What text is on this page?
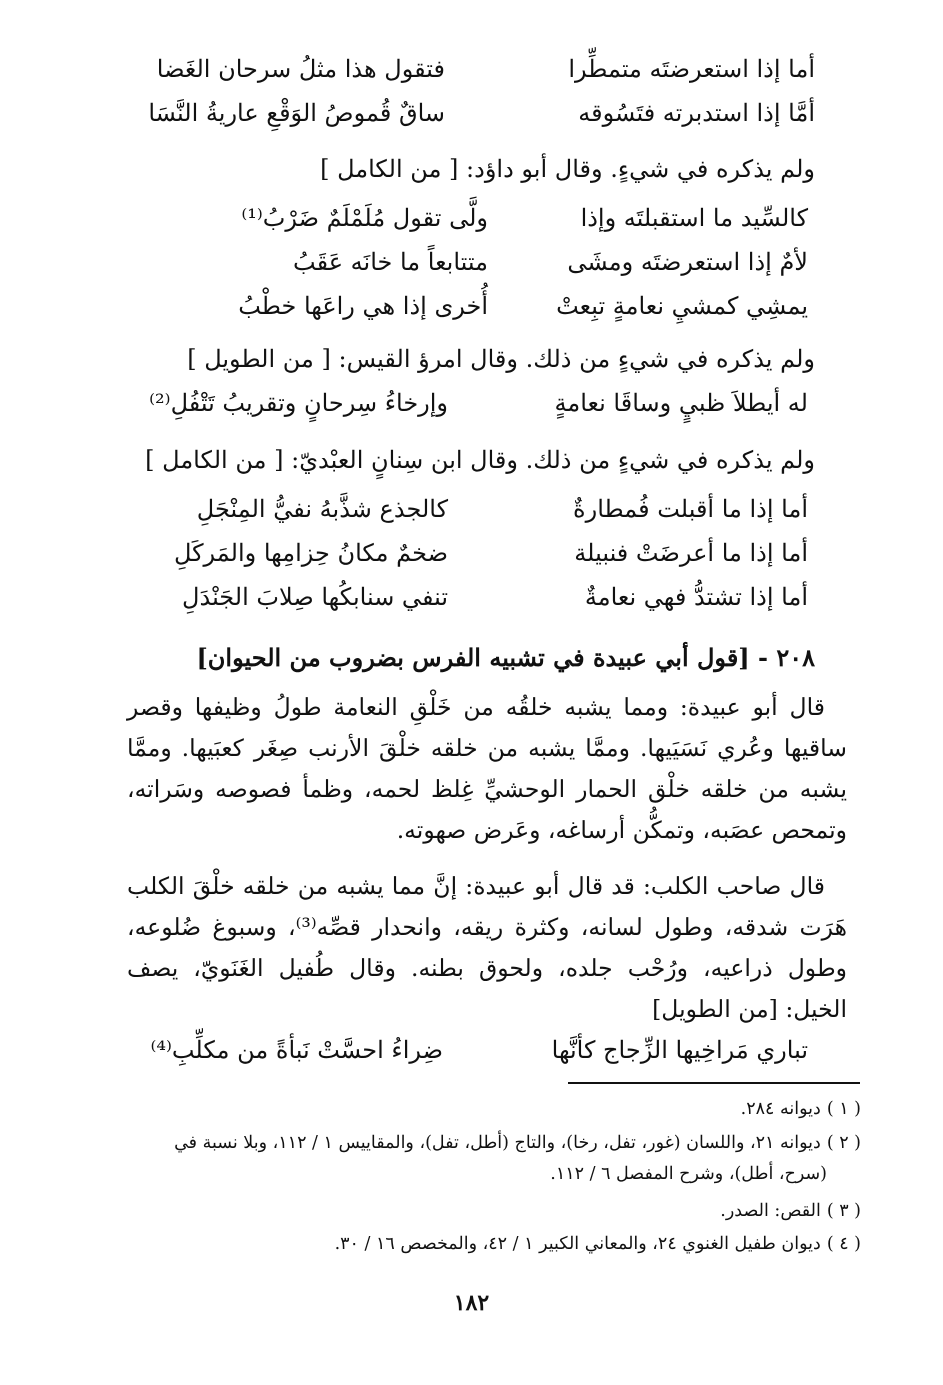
أما إذا استعرضتَه متمطِّرا
فتقول هذا مثلُ سرحان الغَضا
أمَّا إذا استدبرته فتَسُوقه
ساقٌ قُموصُ الوَقْعِ عاريةُ النَّسَا
ولم يذكره في شيءٍ. وقال أبو داؤد: [ من الكامل ]
كالسِّيد ما استقبلتَه وإذا
ولَّى تقول مُلَمْلَمٌ ضَرْبُ⁽¹⁾
لأمٌ إذا استعرضتَه ومشَى
متتابعاً ما خانَه عَقَبُ
يمشِي كمشيِ نعامةٍ تبِعتْ
أُخرى إذا هي راعَها خطْبُ
ولم يذكره في شيءٍ من ذلك. وقال امرؤ القيس: [ من الطويل ]
له أيطلاَ ظبيٍ وساقَا نعامةٍ
وإرخاءُ سِرحانٍ وتقريبُ تَتْفُلِ⁽²⁾
ولم يذكره في شيءٍ من ذلك. وقال ابن سِنانٍ العبْديّ: [ من الكامل ]
أما إذا ما أقبلت فُمطارةٌ
كالجذع شذَّبهُ نفيُّ المِنْجَلِ
أما إذا ما أعرضَتْ فنبيلة
ضخمٌ مكانُ حِزامِها والمَركَلِ
أما إذا تشتدُّ فهي نعامةٌ
تنفي سنابكُها صِلابَ الجَنْدَلِ
٢٠٨ - [قول أبي عبيدة في تشبيه الفرس بضروب من الحيوان]
قال أبو عبيدة: ومما يشبه خلقُه من خَلْقِ النعامة طولُ وظيفها وقصر ساقيها وعُري نَسَيَيها. وممَّا يشبه من خلقه خلْقَ الأرنب صِغَر كعبَيها. وممَّا يشبه من خلقه خلْق الحمار الوحشيِّ غِلظ لحمه، وظمأ فصوصه وسَراته، وتمحص عصَبه، وتمكُّن أرساغه، وعَرض صهوته.
قال صاحب الكلب: قد قال أبو عبيدة: إنَّ مما يشبه من خلقه خلْقَ الكلب هَرَت شدقه، وطول لسانه، وكثرة ريقه، وانحدار قصِّه⁽³⁾، وسبوغ ضُلوعه، وطول ذراعيه، ورُحْب جلده، ولحوق بطنه. وقال طُفيل الغَنَويّ، يصف الخيل: [من الطويل]
تباري مَراخِيها الزِّجاج كأنَّها
ضِراءُ احسَّتْ نَبأةً من مكلِّبِ⁽⁴⁾
( ١ )ديوانه ٢٨٤.
( ٢ )ديوانه ٢١، واللسان (غور، تفل، رخا)، والتاج (أطل، تفل)، والمقاييس ١ / ١١٢، وبلا نسبة في
(سرح، أطل)، وشرح المفصل ٦ / ١١٢.
( ٣ )القص: الصدر.
( ٤ )ديوان طفيل الغنوي ٢٤، والمعاني الكبير ١ / ٤٢، والمخصص ١٦ / ٣٠.
١٨٢
